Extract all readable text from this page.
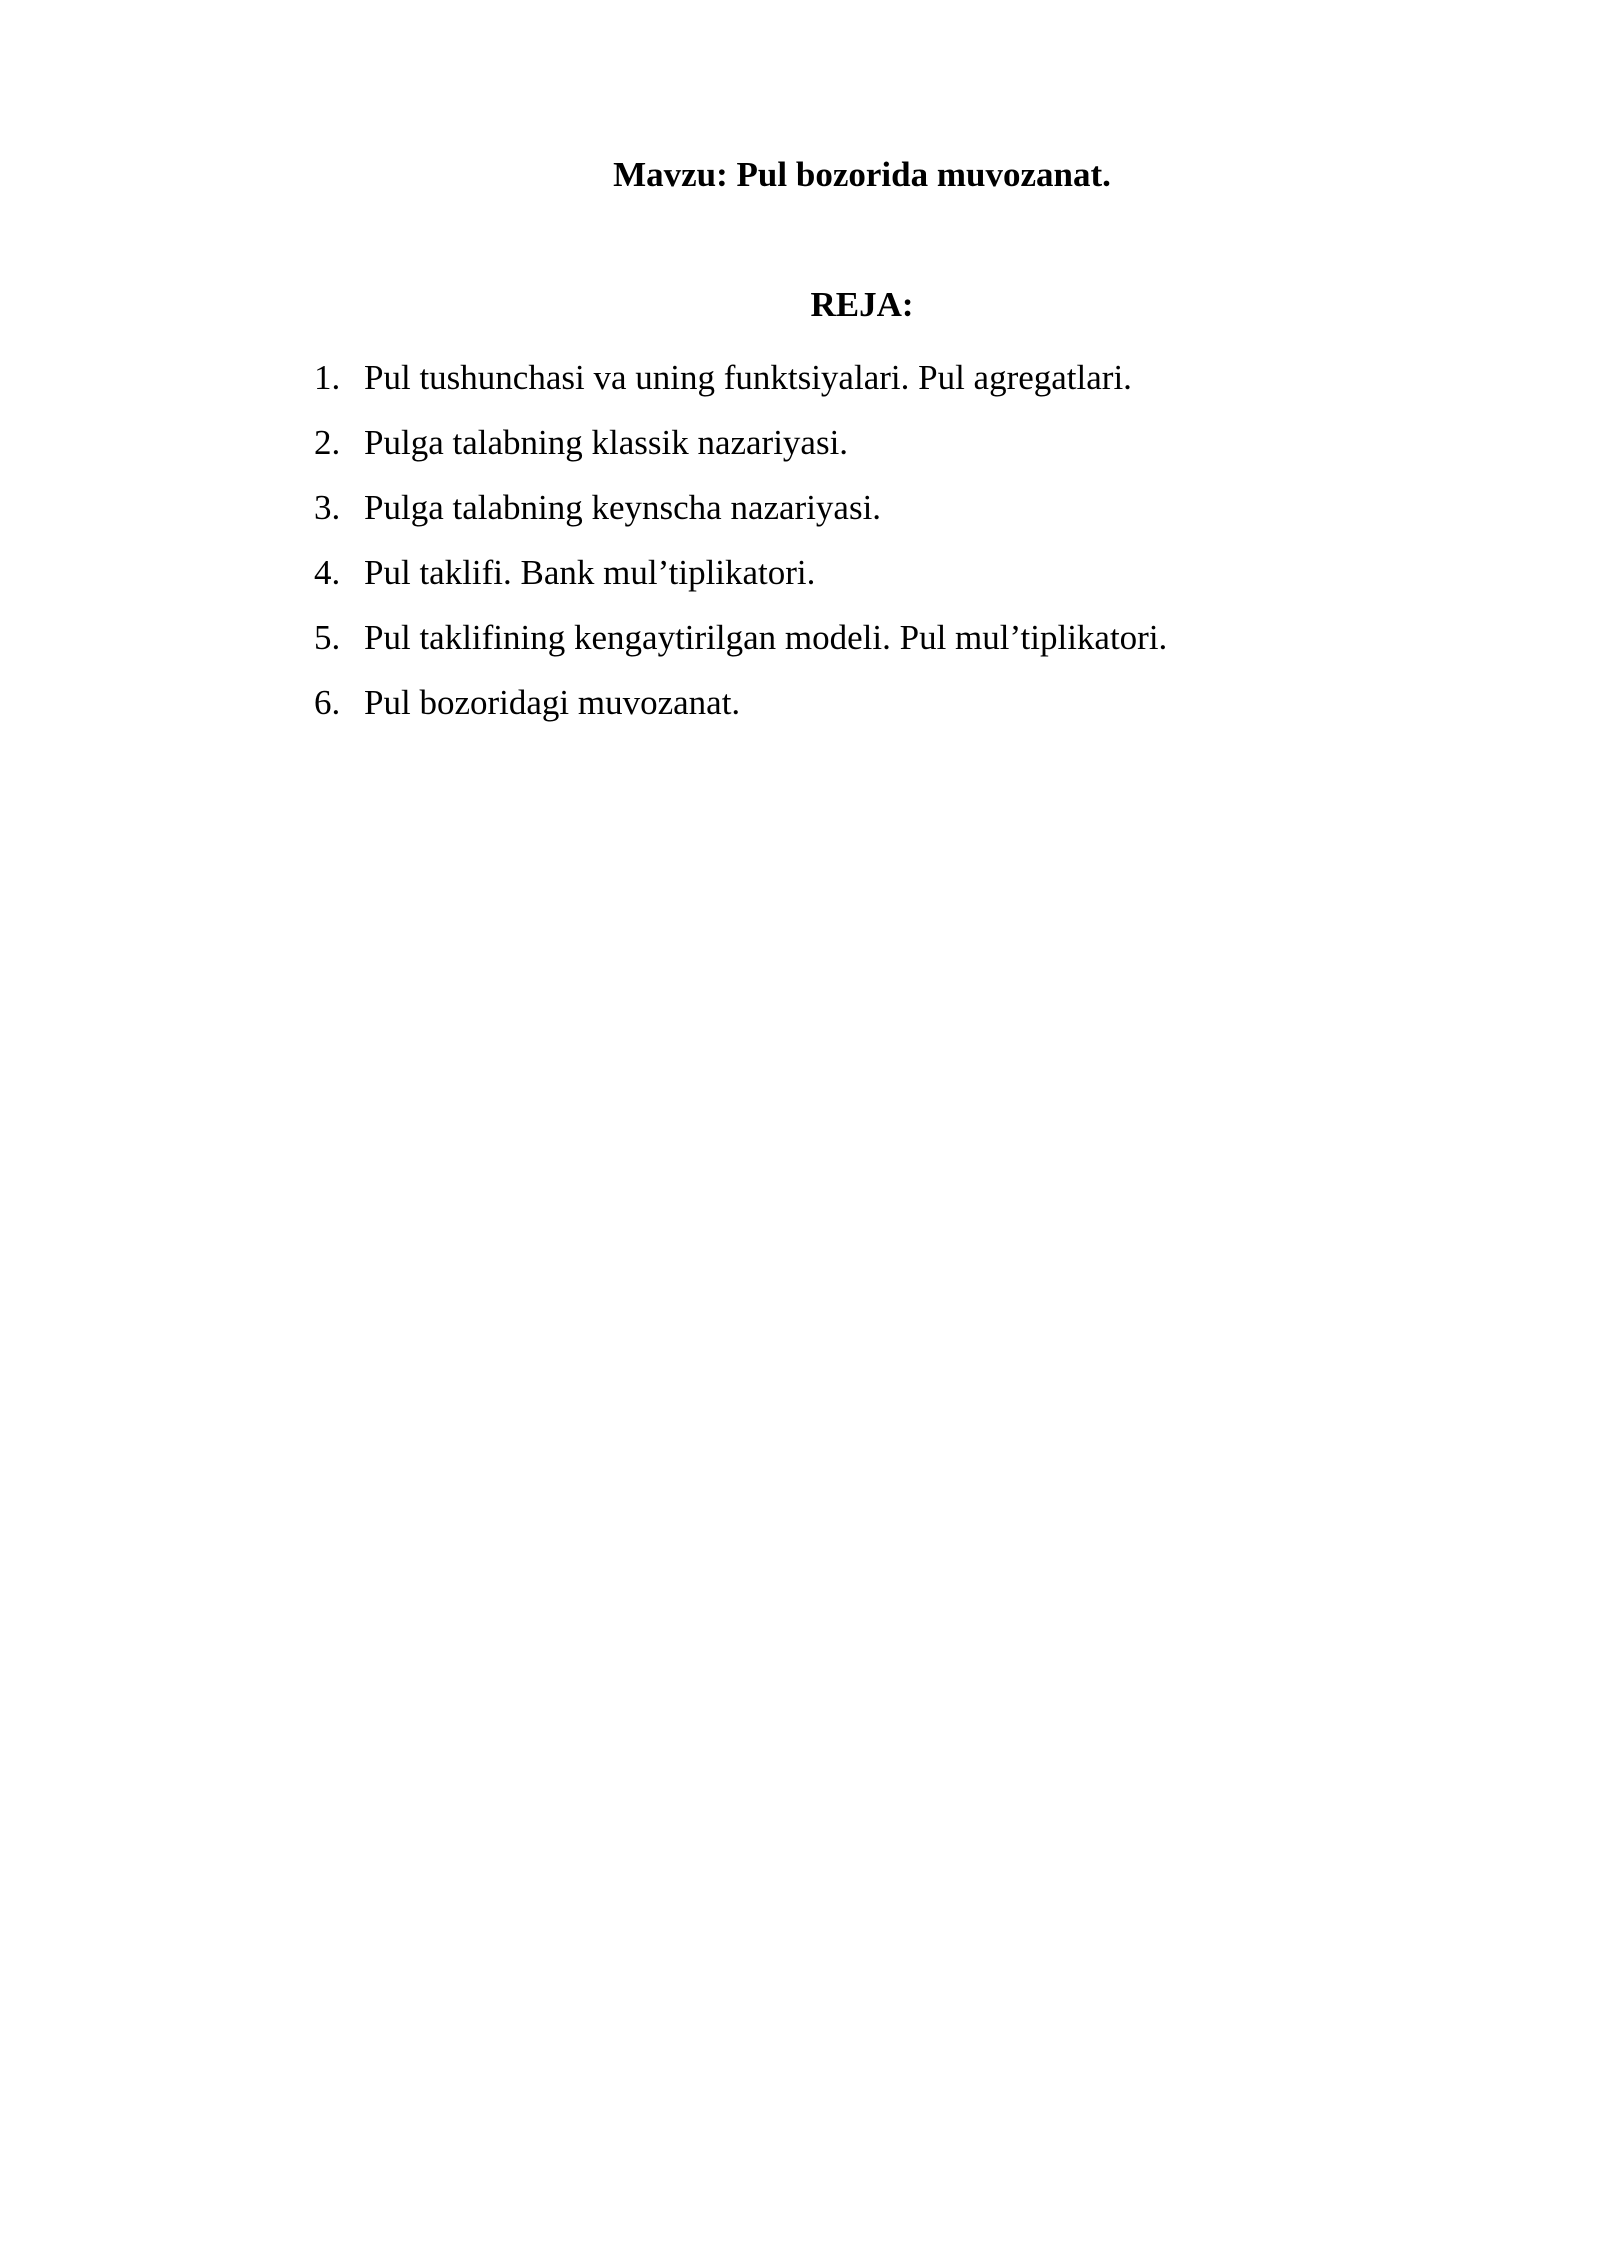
Mavzu: Pul bozorida muvozanat.
REJA:
1. Pul tushunchasi va uning funktsiyalari. Pul agregatlari.
2. Pulga talabning klassik nazariyasi.
3. Pulga talabning keynscha nazariyasi.
4. Pul taklifi. Bank mul’tiplikatori.
5. Pul taklifining kengaytirilgan modeli. Pul mul’tiplikatori.
6. Pul bozoridagi muvozanat.
